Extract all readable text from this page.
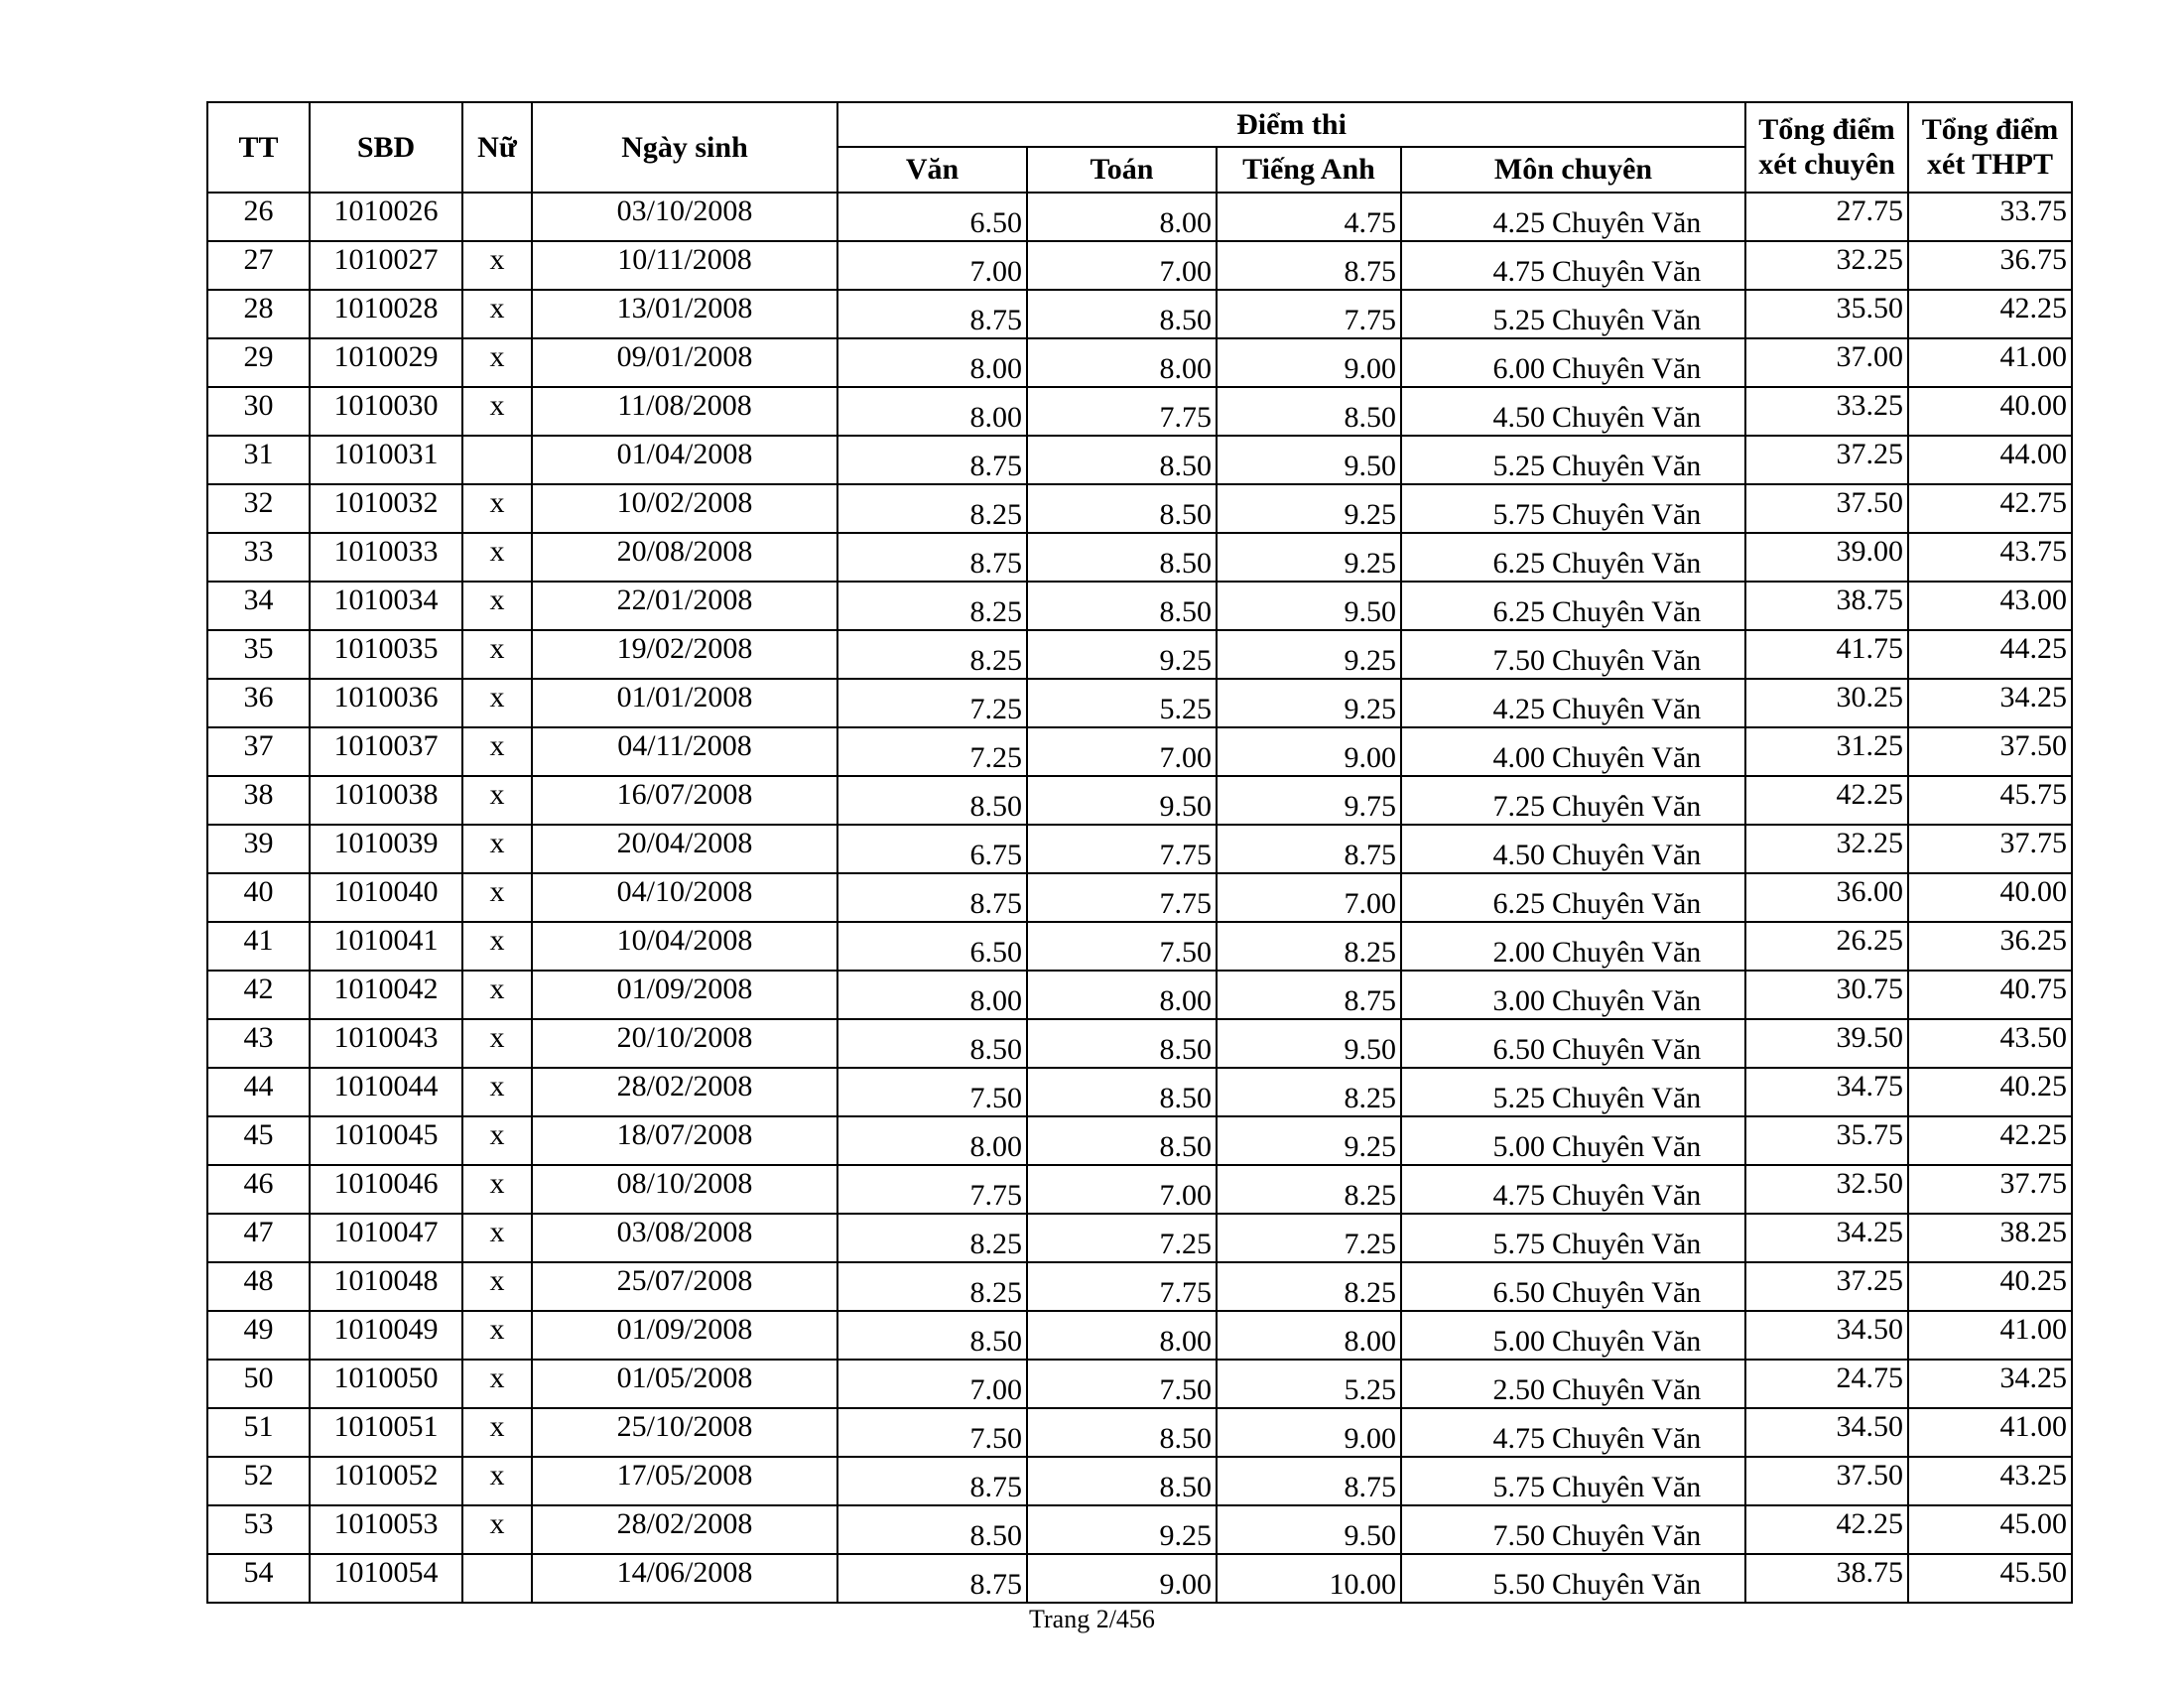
TT	SBD	Nữ	Ngày sinh	Điểm thi					Tổng điểm xét chuyên	Tổng điểm xét THPT
				Văn	Toán	Tiếng Anh	Môn chuyên			
26	1010026		03/10/2008	6.50	8.00	4.75	4.25	Chuyên Văn	27.75	33.75
27	1010027	x	10/11/2008	7.00	7.00	8.75	4.75	Chuyên Văn	32.25	36.75
28	1010028	x	13/01/2008	8.75	8.50	7.75	5.25	Chuyên Văn	35.50	42.25
29	1010029	x	09/01/2008	8.00	8.00	9.00	6.00	Chuyên Văn	37.00	41.00
30	1010030	x	11/08/2008	8.00	7.75	8.50	4.50	Chuyên Văn	33.25	40.00
31	1010031		01/04/2008	8.75	8.50	9.50	5.25	Chuyên Văn	37.25	44.00
32	1010032	x	10/02/2008	8.25	8.50	9.25	5.75	Chuyên Văn	37.50	42.75
33	1010033	x	20/08/2008	8.75	8.50	9.25	6.25	Chuyên Văn	39.00	43.75
34	1010034	x	22/01/2008	8.25	8.50	9.50	6.25	Chuyên Văn	38.75	43.00
35	1010035	x	19/02/2008	8.25	9.25	9.25	7.50	Chuyên Văn	41.75	44.25
36	1010036	x	01/01/2008	7.25	5.25	9.25	4.25	Chuyên Văn	30.25	34.25
37	1010037	x	04/11/2008	7.25	7.00	9.00	4.00	Chuyên Văn	31.25	37.50
38	1010038	x	16/07/2008	8.50	9.50	9.75	7.25	Chuyên Văn	42.25	45.75
39	1010039	x	20/04/2008	6.75	7.75	8.75	4.50	Chuyên Văn	32.25	37.75
40	1010040	x	04/10/2008	8.75	7.75	7.00	6.25	Chuyên Văn	36.00	40.00
41	1010041	x	10/04/2008	6.50	7.50	8.25	2.00	Chuyên Văn	26.25	36.25
42	1010042	x	01/09/2008	8.00	8.00	8.75	3.00	Chuyên Văn	30.75	40.75
43	1010043	x	20/10/2008	8.50	8.50	9.50	6.50	Chuyên Văn	39.50	43.50
44	1010044	x	28/02/2008	7.50	8.50	8.25	5.25	Chuyên Văn	34.75	40.25
45	1010045	x	18/07/2008	8.00	8.50	9.25	5.00	Chuyên Văn	35.75	42.25
46	1010046	x	08/10/2008	7.75	7.00	8.25	4.75	Chuyên Văn	32.50	37.75
47	1010047	x	03/08/2008	8.25	7.25	7.25	5.75	Chuyên Văn	34.25	38.25
48	1010048	x	25/07/2008	8.25	7.75	8.25	6.50	Chuyên Văn	37.25	40.25
49	1010049	x	01/09/2008	8.50	8.00	8.00	5.00	Chuyên Văn	34.50	41.00
50	1010050	x	01/05/2008	7.00	7.50	5.25	2.50	Chuyên Văn	24.75	34.25
51	1010051	x	25/10/2008	7.50	8.50	9.00	4.75	Chuyên Văn	34.50	41.00
52	1010052	x	17/05/2008	8.75	8.50	8.75	5.75	Chuyên Văn	37.50	43.25
53	1010053	x	28/02/2008	8.50	9.25	9.50	7.50	Chuyên Văn	42.25	45.00
54	1010054		14/06/2008	8.75	9.00	10.00	5.50	Chuyên Văn	38.75	45.50
Trang 2/456
